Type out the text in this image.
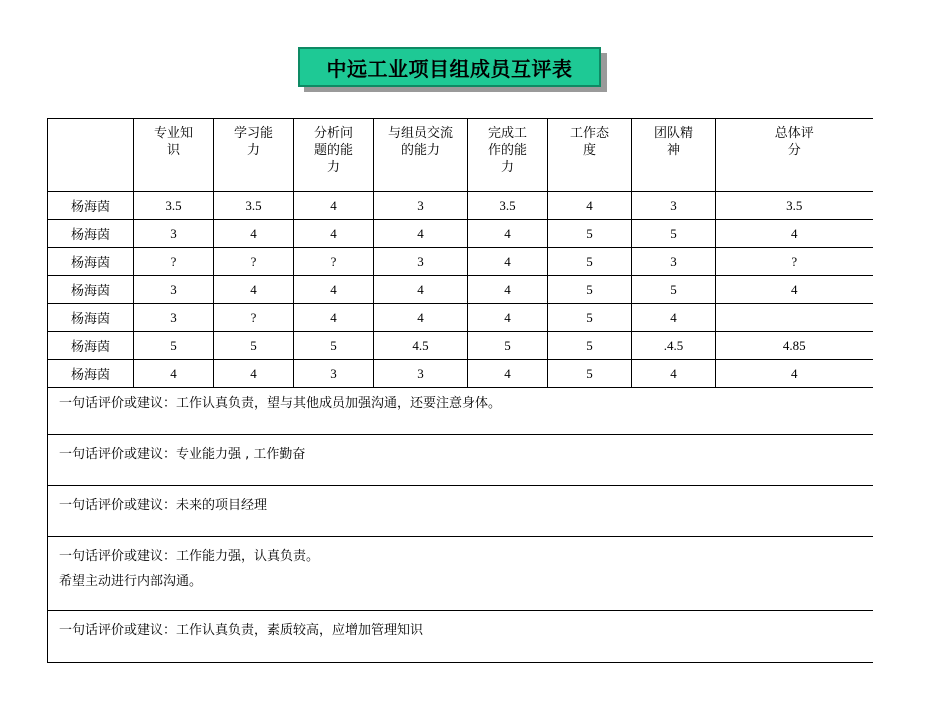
中远工业项目组成员互评表
	专业知识	学习能力	分析问题的能力	与组员交流的能力	完成工作的能力	工作态度	团队精神	总体评分
杨海茵	3.5	3.5	4	3	3.5	4	3	3.5
杨海茵	3	4	4	4	4	5	5	4
杨海茵	?	?	?	3	4	5	3	?
杨海茵	3	4	4	4	4	5	5	4
杨海茵	3	?	4	4	4	5	4	
杨海茵	5	5	5	4.5	5	5	.4.5	4.85
杨海茵	4	4	3	3	4	5	4	4
一句话评价或建议：工作认真负责，望与其他成员加强沟通，还要注意身体。
一句话评价或建议：专业能力强 , 工作勤奋
一句话评价或建议：未来的项目经理
一句话评价或建议：工作能力强，认真负责。
希望主动进行内部沟通。
一句话评价或建议：工作认真负责，素质较高，应增加管理知识
